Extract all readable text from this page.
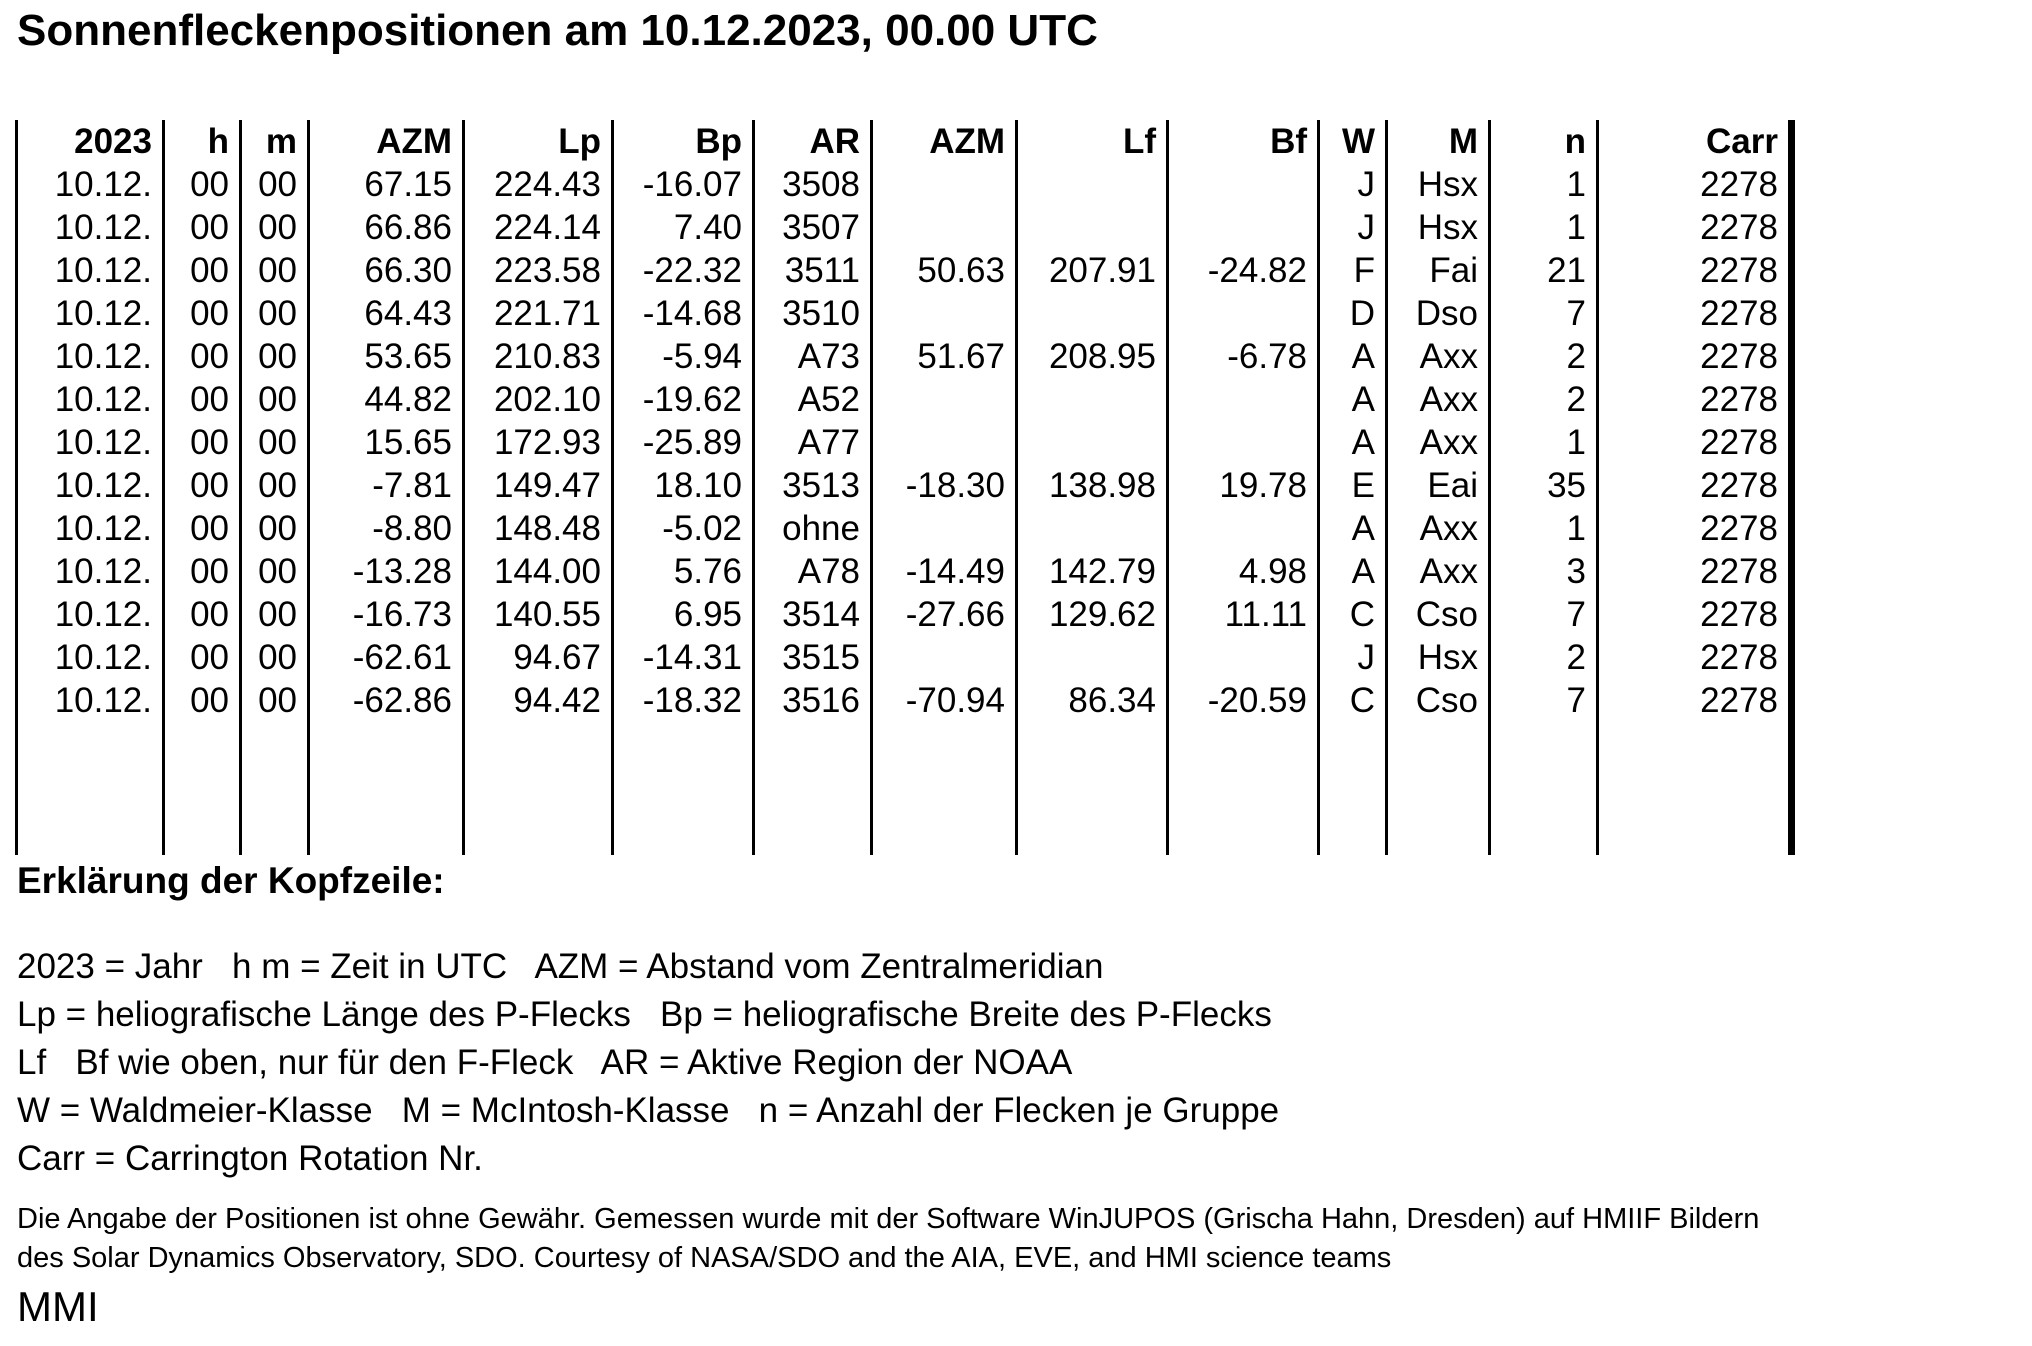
Sonnenfleckenpositionen am 10.12.2023, 00.00 UTC
2023	h	m	AZM	Lp	Bp	AR	AZM	Lf	Bf	W	M	n	Carr
10.12.	00	00	67.15	224.43	-16.07	3508				J	Hsx	1	2278
10.12.	00	00	66.86	224.14	7.40	3507				J	Hsx	1	2278
10.12.	00	00	66.30	223.58	-22.32	3511	50.63	207.91	-24.82	F	Fai	21	2278
10.12.	00	00	64.43	221.71	-14.68	3510				D	Dso	7	2278
10.12.	00	00	53.65	210.83	-5.94	A73	51.67	208.95	-6.78	A	Axx	2	2278
10.12.	00	00	44.82	202.10	-19.62	A52				A	Axx	2	2278
10.12.	00	00	15.65	172.93	-25.89	A77				A	Axx	1	2278
10.12.	00	00	-7.81	149.47	18.10	3513	-18.30	138.98	19.78	E	Eai	35	2278
10.12.	00	00	-8.80	148.48	-5.02	ohne				A	Axx	1	2278
10.12.	00	00	-13.28	144.00	5.76	A78	-14.49	142.79	4.98	A	Axx	3	2278
10.12.	00	00	-16.73	140.55	6.95	3514	-27.66	129.62	11.11	C	Cso	7	2278
10.12.	00	00	-62.61	94.67	-14.31	3515				J	Hsx	2	2278
10.12.	00	00	-62.86	94.42	-18.32	3516	-70.94	86.34	-20.59	C	Cso	7	2278

Erklärung der Kopfzeile:
2023 = Jahr   h m = Zeit in UTC   AZM = Abstand vom Zentralmeridian
Lp = heliografische Länge des P-Flecks   Bp = heliografische Breite des P-Flecks
Lf   Bf wie oben, nur für den F-Fleck   AR = Aktive Region der NOAA
W = Waldmeier-Klasse   M = McIntosh-Klasse   n = Anzahl der Flecken je Gruppe
Carr = Carrington Rotation Nr.
Die Angabe der Positionen ist ohne Gewähr. Gemessen wurde mit der Software WinJUPOS (Grischa Hahn, Dresden) auf HMIIF Bildern
des Solar Dynamics Observatory, SDO. Courtesy of NASA/SDO and the AIA, EVE, and HMI science teams
MMI
